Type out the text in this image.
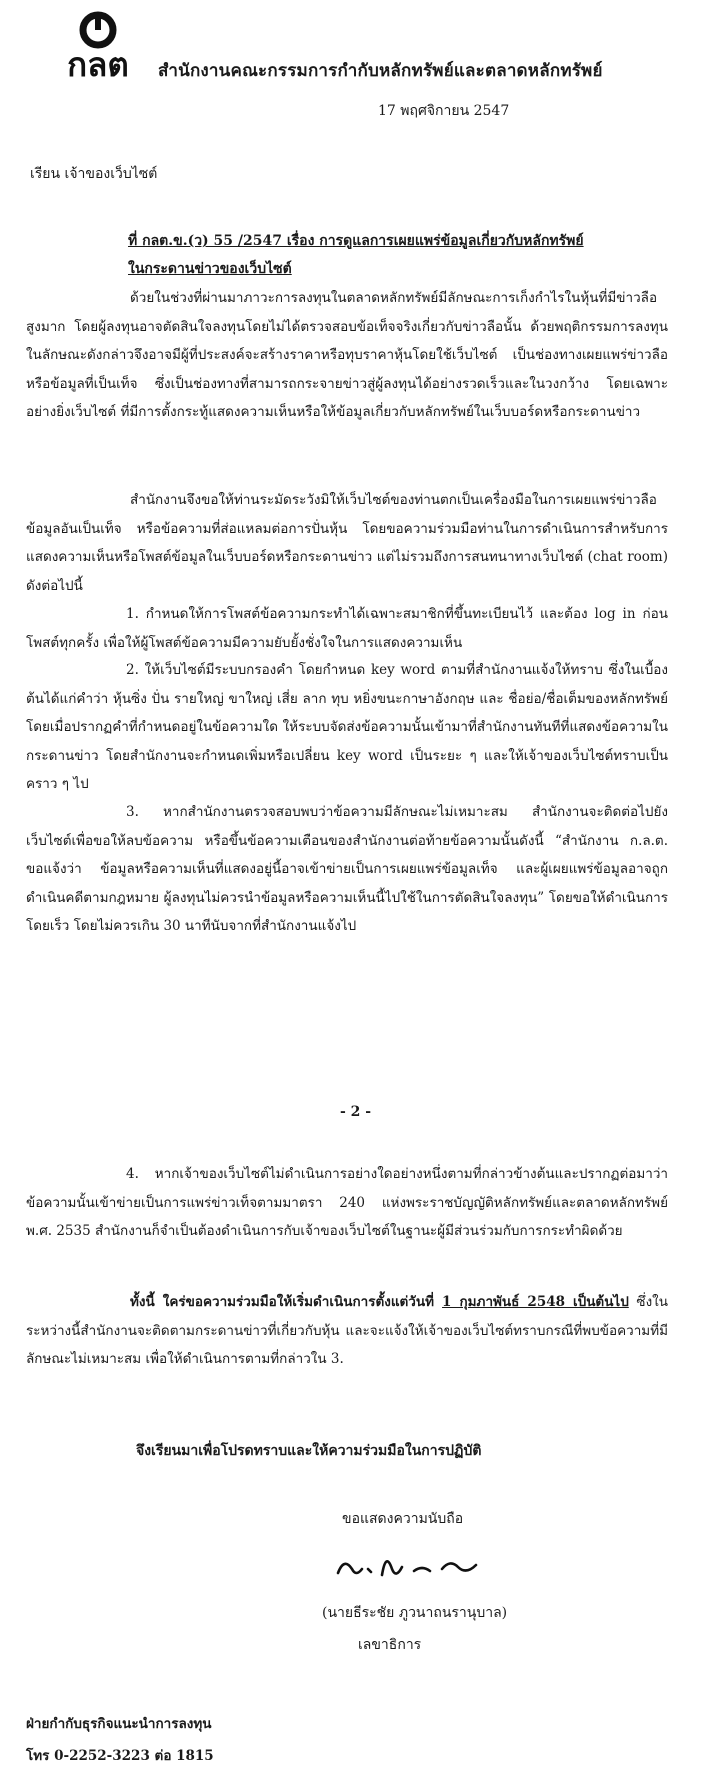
กลต สำนักงานคณะกรรมการกำกับหลักทรัพย์และตลาดหลักทรัพย์
17 พฤศจิกายน 2547
เรียน เจ้าของเว็บไซต์
ที่ กลต.ข.(ว) 55 /2547 เรื่อง การดูแลการเผยแพร่ข้อมูลเกี่ยวกับหลักทรัพย์
ในกระดานข่าวของเว็บไซต์

ด้วยในช่วงที่ผ่านมาภาวะการลงทุนในตลาดหลักทรัพย์มีลักษณะการเก็งกำไรในหุ้นที่มีข่าวลือสูงมาก โดยผู้ลงทุนอาจตัดสินใจลงทุนโดยไม่ได้ตรวจสอบข้อเท็จจริงเกี่ยวกับข่าวลือนั้น ด้วยพฤติกรรมการลงทุนในลักษณะดังกล่าวจึงอาจมีผู้ที่ประสงค์จะสร้างราคาหรือทุบราคาหุ้นโดยใช้เว็บไซต์ เป็นช่องทางเผยแพร่ข่าวลือหรือข้อมูลที่เป็นเท็จ ซึ่งเป็นช่องทางที่สามารถกระจายข่าวสู่ผู้ลงทุนได้อย่างรวดเร็วและในวงกว้าง โดยเฉพาะอย่างยิ่งเว็บไซต์ ที่มีการตั้งกระทู้แสดงความเห็นหรือให้ข้อมูลเกี่ยวกับหลักทรัพย์ในเว็บบอร์ดหรือกระดานข่าว

สำนักงานจึงขอให้ท่านระมัดระวังมิให้เว็บไซต์ของท่านตกเป็นเครื่องมือในการเผยแพร่ข่าวลือ ข้อมูลอันเป็นเท็จ หรือข้อความที่ส่อแหลมต่อการปั่นหุ้น โดยขอความร่วมมือท่านในการดำเนินการสำหรับการแสดงความเห็นหรือโพสต์ข้อมูลในเว็บบอร์ดหรือกระดานข่าว แต่ไม่รวมถึงการสนทนาทางเว็บไซต์ (chat room) ดังต่อไปนี้

1. กำหนดให้การโพสต์ข้อความกระทำได้เฉพาะสมาชิกที่ขึ้นทะเบียนไว้ และต้อง log in ก่อนโพสต์ทุกครั้ง เพื่อให้ผู้โพสต์ข้อความมีความยับยั้งชั่งใจในการแสดงความเห็น

2. ให้เว็บไซต์มีระบบกรองคำ โดยกำหนด key word ตามที่สำนักงานแจ้งให้ทราบ ซึ่งในเบื้องต้นได้แก่คำว่า หุ้นซิ่ง ปั่น รายใหญ่ ขาใหญ่ เสี่ย ลาก ทุบ หยิ่งขนะกาษาอังกฤษ และ ชื่อย่อ/ชื่อเต็มของหลักทรัพย์ โดยเมื่อปรากฏคำที่กำหนดอยู่ในข้อความใด ให้ระบบจัดส่งข้อความนั้นเข้ามาที่สำนักงานทันทีที่แสดงข้อความในกระดานข่าว โดยสำนักงานจะกำหนดเพิ่มหรือเปลี่ยน key word เป็นระยะ ๆ และให้เจ้าของเว็บไซต์ทราบเป็นคราว ๆ ไป

3. หากสำนักงานตรวจสอบพบว่าข้อความมีลักษณะไม่เหมาะสม สำนักงานจะติดต่อไปยังเว็บไซต์เพื่อขอให้ลบข้อความ หรือขึ้นข้อความเตือนของสำนักงานต่อท้ายข้อความนั้นดังนี้ “สำนักงาน ก.ล.ต. ขอแจ้งว่า ข้อมูลหรือความเห็นที่แสดงอยู่นี้อาจเข้าข่ายเป็นการเผยแพร่ข้อมูลเท็จ และผู้เผยแพร่ข้อมูลอาจถูกดำเนินคดีตามกฎหมาย ผู้ลงทุนไม่ควรนำข้อมูลหรือความเห็นนี้ไปใช้ในการตัดสินใจลงทุน” โดยขอให้ดำเนินการโดยเร็ว โดยไม่ควรเกิน 30 นาทีนับจากที่สำนักงานแจ้งไป

- 2 -

4. หากเจ้าของเว็บไซต์ไม่ดำเนินการอย่างใดอย่างหนึ่งตามที่กล่าวข้างต้นและปรากฏต่อมาว่าข้อความนั้นเข้าข่ายเป็นการแพร่ข่าวเท็จตามมาตรา 240 แห่งพระราชบัญญัติหลักทรัพย์และตลาดหลักทรัพย์ พ.ศ. 2535 สำนักงานก็จำเป็นต้องดำเนินการกับเจ้าของเว็บไซต์ในฐานะผู้มีส่วนร่วมกับการกระทำผิดด้วย

ทั้งนี้ ใคร่ขอความร่วมมือให้เริ่มดำเนินการตั้งแต่วันที่ 1 กุมภาพันธ์ 2548 เป็นต้นไป ซึ่งในระหว่างนี้สำนักงานจะติดตามกระดานข่าวที่เกี่ยวกับหุ้น และจะแจ้งให้เจ้าของเว็บไซต์ทราบกรณีที่พบข้อความที่มีลักษณะไม่เหมาะสม เพื่อให้ดำเนินการตามที่กล่าวใน 3.

จึงเรียนมาเพื่อโปรดทราบและให้ความร่วมมือในการปฏิบัติ
ขอแสดงความนับถือ
(นายธีระชัย ภูวนาถนรานุบาล)
เลขาธิการ
ฝ่ายกำกับธุรกิจแนะนำการลงทุน
โทร 0-2252-3223 ต่อ 1815
